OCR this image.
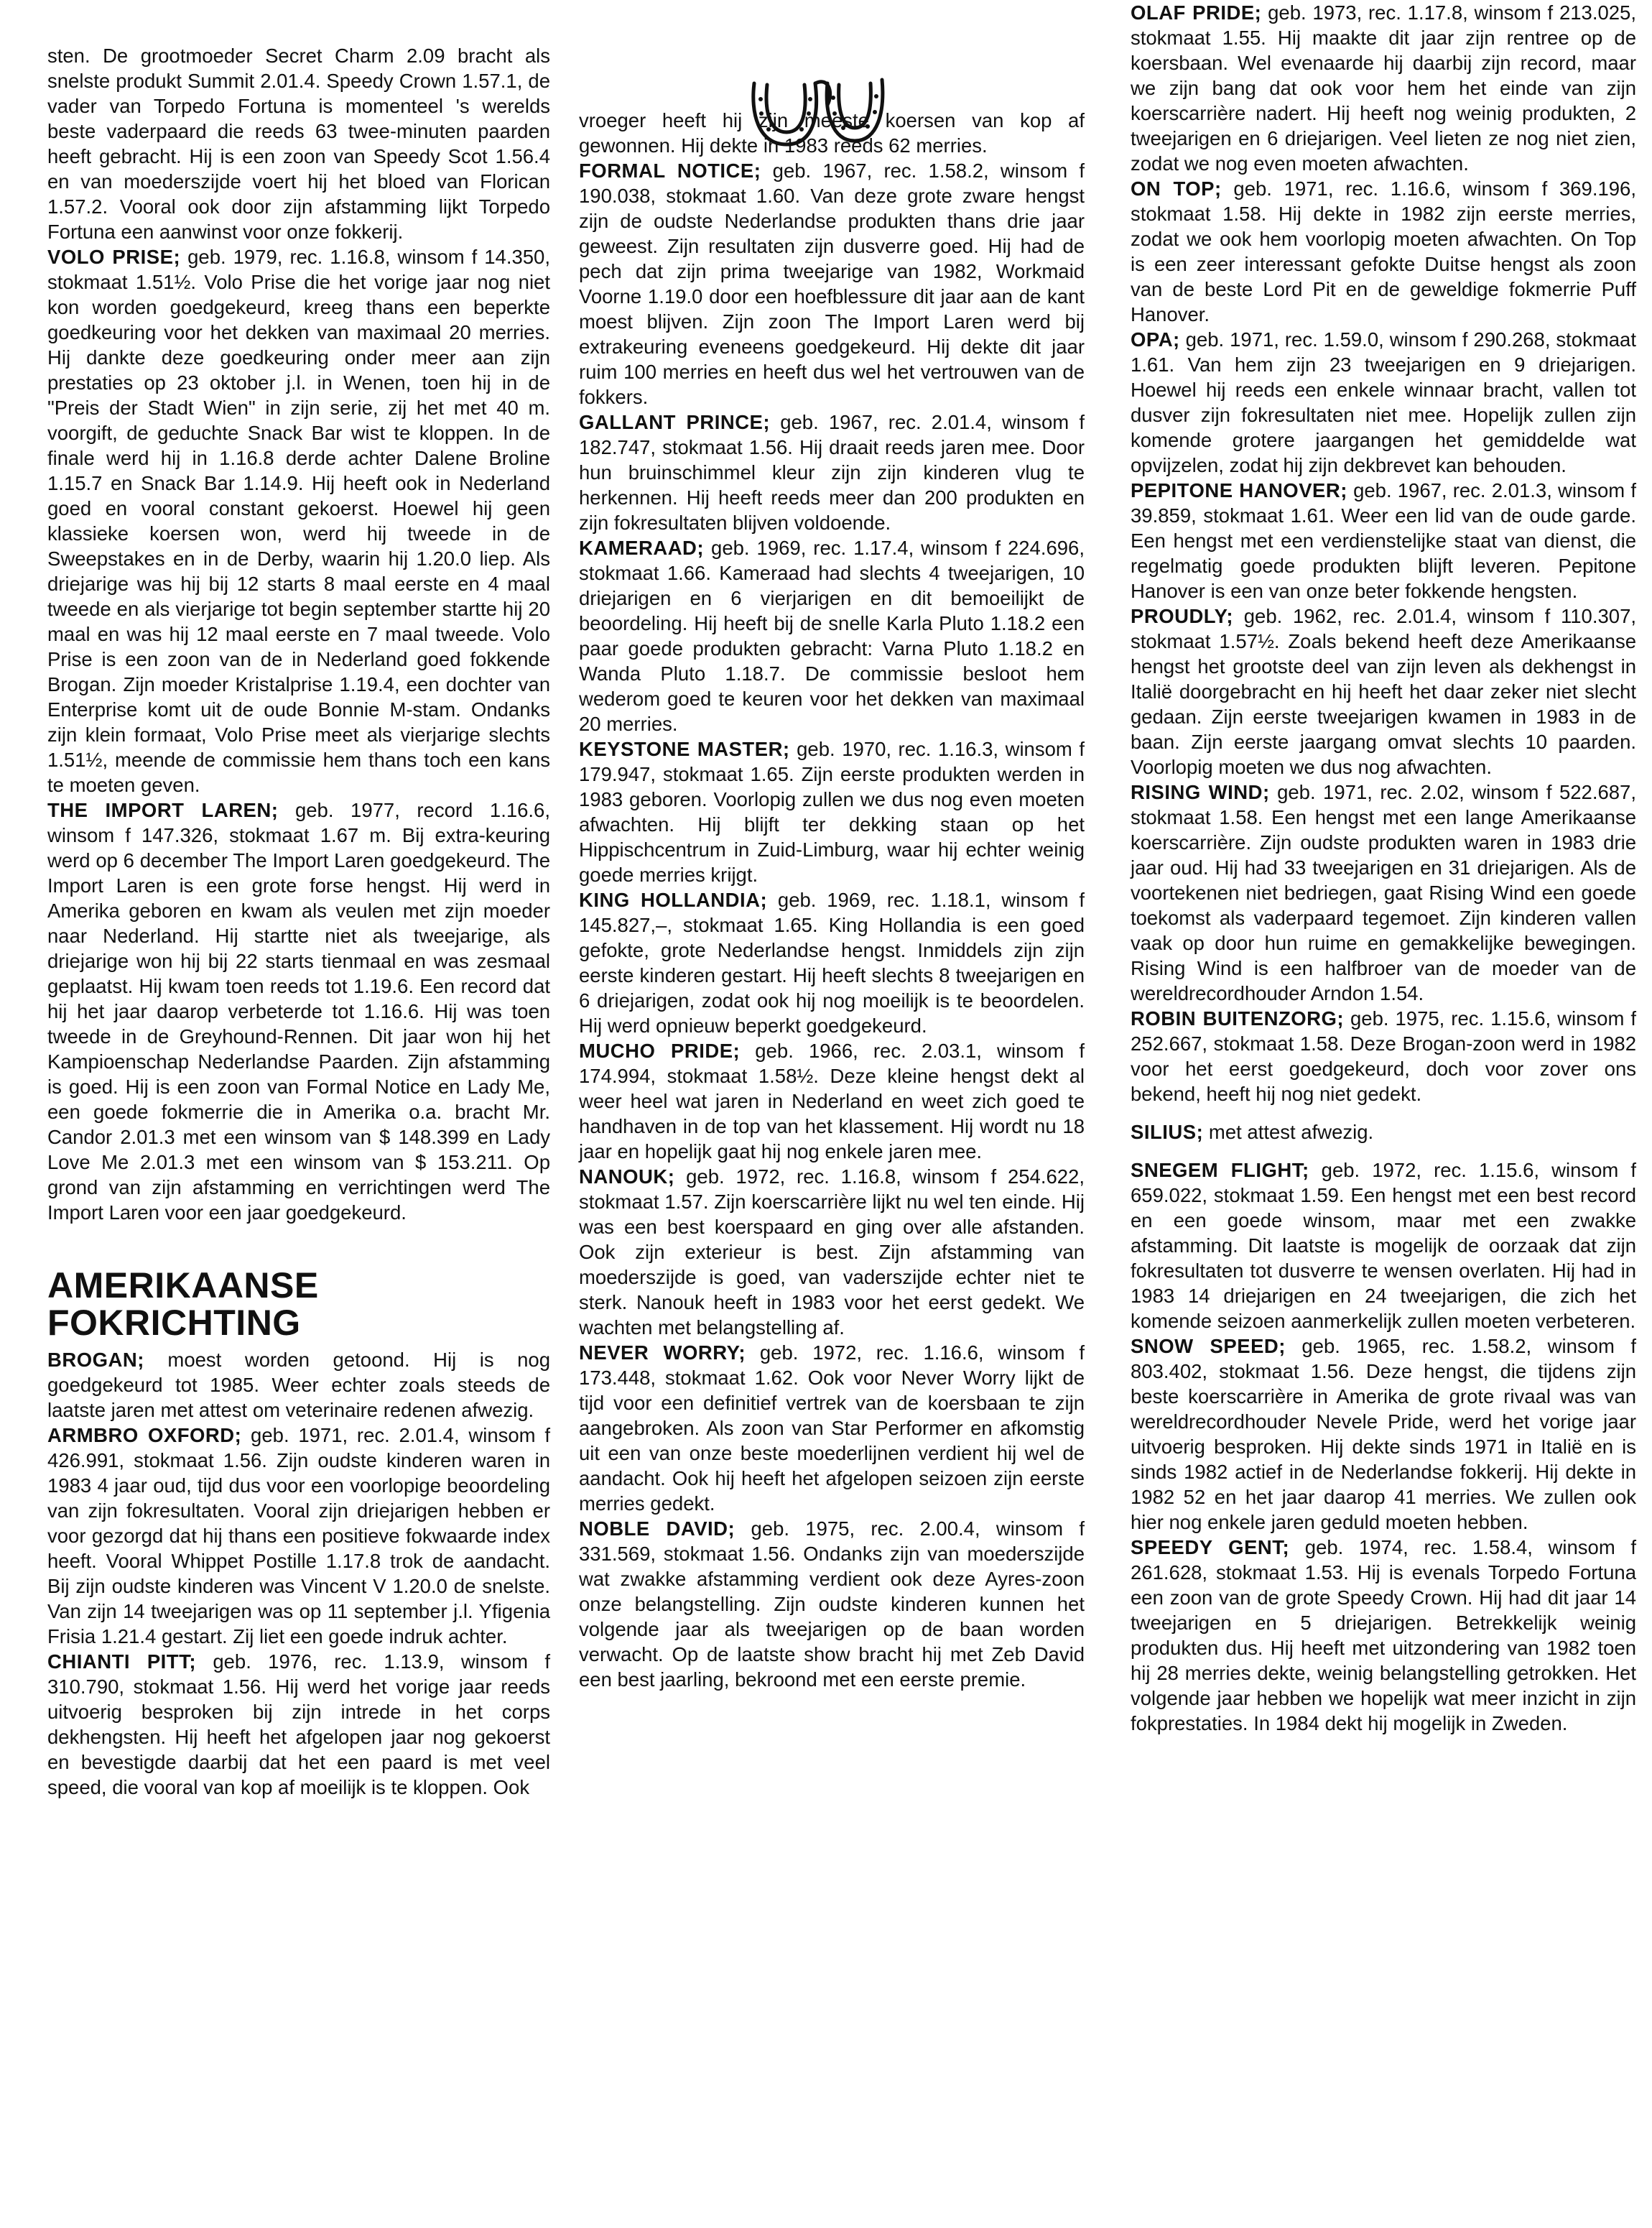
sten. De grootmoeder Secret Charm 2.09 bracht als snelste produkt Summit 2.01.4. Speedy Crown 1.57.1, de vader van Torpedo Fortuna is momenteel 's werelds beste vaderpaard die reeds 63 twee-minuten paarden heeft gebracht. Hij is een zoon van Speedy Scot 1.56.4 en van moederszijde voert hij het bloed van Florican 1.57.2. Vooral ook door zijn afstamming lijkt Torpedo Fortuna een aanwinst voor onze fokkerij.

VOLO PRISE; geb. 1979, rec. 1.16.8, winsom f 14.350, stokmaat 1.51½. Volo Prise die het vorige jaar nog niet kon worden goedgekeurd, kreeg thans een beperkte goedkeuring voor het dekken van maximaal 20 merries. Hij dankte deze goedkeuring onder meer aan zijn prestaties op 23 oktober j.l. in Wenen, toen hij in de "Preis der Stadt Wien" in zijn serie, zij het met 40 m. voorgift, de geduchte Snack Bar wist te kloppen. In de finale werd hij in 1.16.8 derde achter Dalene Broline 1.15.7 en Snack Bar 1.14.9. Hij heeft ook in Nederland goed en vooral constant gekoerst. Hoewel hij geen klassieke koersen won, werd hij tweede in de Sweepstakes en in de Derby, waarin hij 1.20.0 liep. Als driejarige was hij bij 12 starts 8 maal eerste en 4 maal tweede en als vierjarige tot begin september startte hij 20 maal en was hij 12 maal eerste en 7 maal tweede. Volo Prise is een zoon van de in Nederland goed fokkende Brogan. Zijn moeder Kristalprise 1.19.4, een dochter van Enterprise komt uit de oude Bonnie M-stam. Ondanks zijn klein formaat, Volo Prise meet als vierjarige slechts 1.51½, meende de commissie hem thans toch een kans te moeten geven.

THE IMPORT LAREN; geb. 1977, record 1.16.6, winsom f 147.326, stokmaat 1.67 m. Bij extra-keuring werd op 6 december The Import Laren goedgekeurd. The Import Laren is een grote forse hengst. Hij werd in Amerika geboren en kwam als veulen met zijn moeder naar Nederland. Hij startte niet als tweejarige, als driejarige won hij bij 22 starts tienmaal en was zesmaal geplaatst. Hij kwam toen reeds tot 1.19.6. Een record dat hij het jaar daarop verbeterde tot 1.16.6. Hij was toen tweede in de Greyhound-Rennen. Dit jaar won hij het Kampioenschap Nederlandse Paarden. Zijn afstamming is goed. Hij is een zoon van Formal Notice en Lady Me, een goede fokmerrie die in Amerika o.a. bracht Mr. Candor 2.01.3 met een winsom van $ 148.399 en Lady Love Me 2.01.3 met een winsom van $ 153.211. Op grond van zijn afstamming en verrichtingen werd The Import Laren voor een jaar goedgekeurd.

AMERIKAANSE
FOKRICHTING

BROGAN; moest worden getoond. Hij is nog goedgekeurd tot 1985. Weer echter zoals steeds de laatste jaren met attest om veterinaire redenen afwezig.

ARMBRO OXFORD; geb. 1971, rec. 2.01.4, winsom f 426.991, stokmaat 1.56. Zijn oudste kinderen waren in 1983 4 jaar oud, tijd dus voor een voorlopige beoordeling van zijn fokresultaten. Vooral zijn driejarigen hebben er voor gezorgd dat hij thans een positieve fokwaarde index heeft. Vooral Whippet Postille 1.17.8 trok de aandacht. Bij zijn oudste kinderen was Vincent V 1.20.0 de snelste. Van zijn 14 tweejarigen was op 11 september j.l. Yfigenia Frisia 1.21.4 gestart. Zij liet een goede indruk achter.

CHIANTI PITT; geb. 1976, rec. 1.13.9, winsom f 310.790, stokmaat 1.56. Hij werd het vorige jaar reeds uitvoerig besproken bij zijn intrede in het corps dekhengsten. Hij heeft het afgelopen jaar nog gekoerst en bevestigde daarbij dat het een paard is met veel speed, die vooral van kop af moeilijk is te kloppen. Ook

vroeger heeft hij zijn meeste koersen van kop af gewonnen. Hij dekte in 1983 reeds 62 merries.

FORMAL NOTICE; geb. 1967, rec. 1.58.2, winsom f 190.038, stokmaat 1.60. Van deze grote zware hengst zijn de oudste Nederlandse produkten thans drie jaar geweest. Zijn resultaten zijn dusverre goed. Hij had de pech dat zijn prima tweejarige van 1982, Workmaid Voorne 1.19.0 door een hoefblessure dit jaar aan de kant moest blijven. Zijn zoon The Import Laren werd bij extrakeuring eveneens goedgekeurd. Hij dekte dit jaar ruim 100 merries en heeft dus wel het vertrouwen van de fokkers.

GALLANT PRINCE; geb. 1967, rec. 2.01.4, winsom f 182.747, stokmaat 1.56. Hij draait reeds jaren mee. Door hun bruinschimmel kleur zijn zijn kinderen vlug te herkennen. Hij heeft reeds meer dan 200 produkten en zijn fokresultaten blijven voldoende.

KAMERAAD; geb. 1969, rec. 1.17.4, winsom f 224.696, stokmaat 1.66. Kameraad had slechts 4 tweejarigen, 10 driejarigen en 6 vierjarigen en dit bemoeilijkt de beoordeling. Hij heeft bij de snelle Karla Pluto 1.18.2 een paar goede produkten gebracht: Varna Pluto 1.18.2 en Wanda Pluto 1.18.7. De commissie besloot hem wederom goed te keuren voor het dekken van maximaal 20 merries.

KEYSTONE MASTER; geb. 1970, rec. 1.16.3, winsom f 179.947, stokmaat 1.65. Zijn eerste produkten werden in 1983 geboren. Voorlopig zullen we dus nog even moeten afwachten. Hij blijft ter dekking staan op het Hippischcentrum in Zuid-Limburg, waar hij echter weinig goede merries krijgt.

KING HOLLANDIA; geb. 1969, rec. 1.18.1, winsom f 145.827,–, stokmaat 1.65. King Hollandia is een goed gefokte, grote Nederlandse hengst. Inmiddels zijn zijn eerste kinderen gestart. Hij heeft slechts 8 tweejarigen en 6 driejarigen, zodat ook hij nog moeilijk is te beoordelen. Hij werd opnieuw beperkt goedgekeurd.

MUCHO PRIDE; geb. 1966, rec. 2.03.1, winsom f 174.994, stokmaat 1.58½. Deze kleine hengst dekt al weer heel wat jaren in Nederland en weet zich goed te handhaven in de top van het klassement. Hij wordt nu 18 jaar en hopelijk gaat hij nog enkele jaren mee.

NANOUK; geb. 1972, rec. 1.16.8, winsom f 254.622, stokmaat 1.57. Zijn koerscarrière lijkt nu wel ten einde. Hij was een best koerspaard en ging over alle afstanden. Ook zijn exterieur is best. Zijn afstamming van moederszijde is goed, van vaderszijde echter niet te sterk. Nanouk heeft in 1983 voor het eerst gedekt. We wachten met belangstelling af.

NEVER WORRY; geb. 1972, rec. 1.16.6, winsom f 173.448, stokmaat 1.62. Ook voor Never Worry lijkt de tijd voor een definitief vertrek van de koersbaan te zijn aangebroken. Als zoon van Star Performer en afkomstig uit een van onze beste moederlijnen verdient hij wel de aandacht. Ook hij heeft het afgelopen seizoen zijn eerste merries gedekt.

NOBLE DAVID; geb. 1975, rec. 2.00.4, winsom f 331.569, stokmaat 1.56. Ondanks zijn van moederszijde wat zwakke afstamming verdient ook deze Ayres-zoon onze belangstelling. Zijn oudste kinderen kunnen het volgende jaar als tweejarigen op de baan worden verwacht. Op de laatste show bracht hij met Zeb David een best jaarling, bekroond met een eerste premie.

OLAF PRIDE; geb. 1973, rec. 1.17.8, winsom f 213.025, stokmaat 1.55. Hij maakte dit jaar zijn rentree op de koersbaan. Wel evenaarde hij daarbij zijn record, maar we zijn bang dat ook voor hem het einde van zijn koerscarrière nadert. Hij heeft nog weinig produkten, 2 tweejarigen en 6 driejarigen. Veel lieten ze nog niet zien, zodat we nog even moeten afwachten.

ON TOP; geb. 1971, rec. 1.16.6, winsom f 369.196, stokmaat 1.58. Hij dekte in 1982 zijn eerste merries, zodat we ook hem voorlopig moeten afwachten. On Top is een zeer interessant gefokte Duitse hengst als zoon van de beste Lord Pit en de geweldige fokmerrie Puff Hanover.

OPA; geb. 1971, rec. 1.59.0, winsom f 290.268, stokmaat 1.61. Van hem zijn 23 tweejarigen en 9 driejarigen. Hoewel hij reeds een enkele winnaar bracht, vallen tot dusver zijn fokresultaten niet mee. Hopelijk zullen zijn komende grotere jaargangen het gemiddelde wat opvijzelen, zodat hij zijn dekbrevet kan behouden.

PEPITONE HANOVER; geb. 1967, rec. 2.01.3, winsom f 39.859, stokmaat 1.61. Weer een lid van de oude garde. Een hengst met een verdienstelijke staat van dienst, die regelmatig goede produkten blijft leveren. Pepitone Hanover is een van onze beter fokkende hengsten.

PROUDLY; geb. 1962, rec. 2.01.4, winsom f 110.307, stokmaat 1.57½. Zoals bekend heeft deze Amerikaanse hengst het grootste deel van zijn leven als dekhengst in Italië doorgebracht en hij heeft het daar zeker niet slecht gedaan. Zijn eerste tweejarigen kwamen in 1983 in de baan. Zijn eerste jaargang omvat slechts 10 paarden. Voorlopig moeten we dus nog afwachten.

RISING WIND; geb. 1971, rec. 2.02, winsom f 522.687, stokmaat 1.58. Een hengst met een lange Amerikaanse koerscarrière. Zijn oudste produkten waren in 1983 drie jaar oud. Hij had 33 tweejarigen en 31 driejarigen. Als de voortekenen niet bedriegen, gaat Rising Wind een goede toekomst als vaderpaard tegemoet. Zijn kinderen vallen vaak op door hun ruime en gemakkelijke bewegingen. Rising Wind is een halfbroer van de moeder van de wereldrecordhouder Arndon 1.54.

ROBIN BUITENZORG; geb. 1975, rec. 1.15.6, winsom f 252.667, stokmaat 1.58. Deze Brogan-zoon werd in 1982 voor het eerst goedgekeurd, doch voor zover ons bekend, heeft hij nog niet gedekt.

SILIUS; met attest afwezig.

SNEGEM FLIGHT; geb. 1972, rec. 1.15.6, winsom f 659.022, stokmaat 1.59. Een hengst met een best record en een goede winsom, maar met een zwakke afstamming. Dit laatste is mogelijk de oorzaak dat zijn fokresultaten tot dusverre te wensen overlaten. Hij had in 1983 14 driejarigen en 24 tweejarigen, die zich het komende seizoen aanmerkelijk zullen moeten verbeteren.

SNOW SPEED; geb. 1965, rec. 1.58.2, winsom f 803.402, stokmaat 1.56. Deze hengst, die tijdens zijn beste koerscarrière in Amerika de grote rivaal was van wereldrecordhouder Nevele Pride, werd het vorige jaar uitvoerig besproken. Hij dekte sinds 1971 in Italië en is sinds 1982 actief in de Nederlandse fokkerij. Hij dekte in 1982 52 en het jaar daarop 41 merries. We zullen ook hier nog enkele jaren geduld moeten hebben.

SPEEDY GENT; geb. 1974, rec. 1.58.4, winsom f 261.628, stokmaat 1.53. Hij is evenals Torpedo Fortuna een zoon van de grote Speedy Crown. Hij had dit jaar 14 tweejarigen en 5 driejarigen. Betrekkelijk weinig produkten dus. Hij heeft met uitzondering van 1982 toen hij 28 merries dekte, weinig belangstelling getrokken. Het volgende jaar hebben we hopelijk wat meer inzicht in zijn fokprestaties. In 1984 dekt hij mogelijk in Zweden.
